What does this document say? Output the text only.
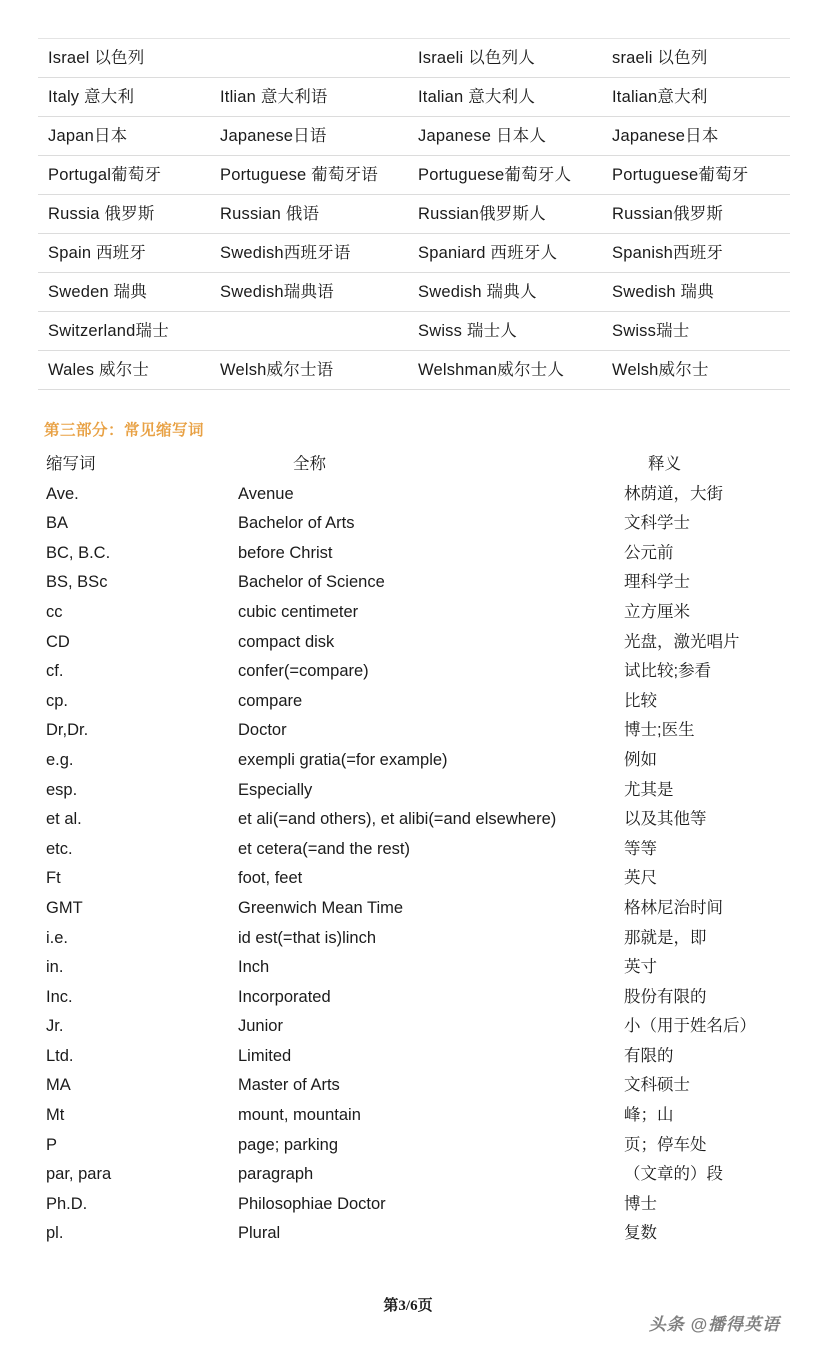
Israel 以色列		Israeli 以色列人	sraeli 以色列
Italy 意大利	Itlian 意大利语	Italian 意大利人	Italian意大利
Japan日本	Japanese日语	Japanese 日本人	Japanese日本
Portugal葡萄牙	Portuguese 葡萄牙语	Portuguese葡萄牙人	Portuguese葡萄牙
Russia 俄罗斯	Russian 俄语	Russian俄罗斯人	Russian俄罗斯
Spain 西班牙	Swedish西班牙语	Spaniard 西班牙人	Spanish西班牙
Sweden 瑞典	Swedish瑞典语	Swedish 瑞典人	Swedish 瑞典
Switzerland瑞士		Swiss 瑞士人	Swiss瑞士
Wales 威尔士	Welsh威尔士语	Welshman威尔士人	Welsh威尔士
第三部分：常见缩写词
缩写词	全称	释义
Ave.	Avenue	林荫道，大街
BA	Bachelor of Arts	文科学士
BC, B.C.	before Christ	公元前
BS, BSc	Bachelor of Science	理科学士
cc	cubic centimeter	立方厘米
CD	compact disk	光盘，激光唱片
cf.	confer(=compare)	试比较;参看
cp.	compare	比较
Dr,Dr.	Doctor	博士;医生
e.g.	exempli gratia(=for example)	例如
esp.	Especially	尤其是
et al.	et ali(=and others), et alibi(=and elsewhere)	以及其他等
etc.	et cetera(=and the rest)	等等
Ft	foot, feet	英尺
GMT	Greenwich Mean Time	格林尼治时间
i.e.	id est(=that is)linch	那就是，即
in.	Inch	英寸
Inc.	Incorporated	股份有限的
Jr.	Junior	小（用于姓名后）
Ltd.	Limited	有限的
MA	Master of Arts	文科硕士
Mt	mount, mountain	峰；山
P	page; parking	页；停车处
par, para	paragraph	（文章的）段
Ph.D.	Philosophiae Doctor	博士
pl.	Plural	复数
第3/6页
头条 @播得英语
